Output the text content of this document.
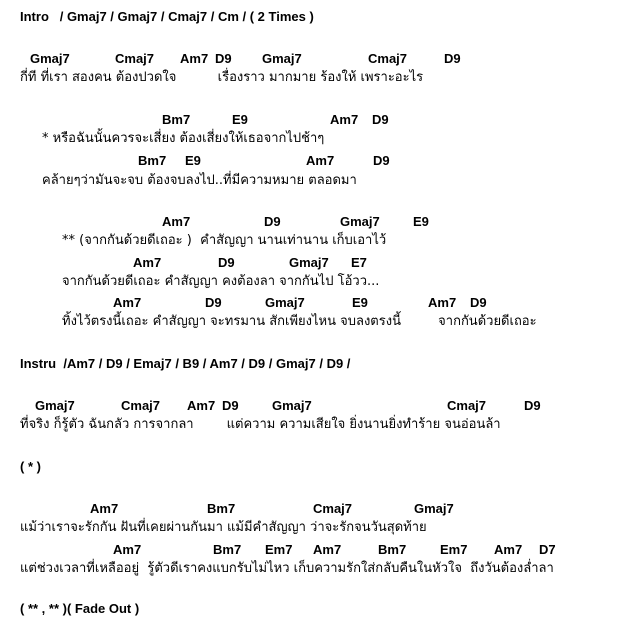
Intro   / Gmaj7 / Gmaj7 / Cmaj7 / Cm / ( 2 Times )
Gmaj7	Cmaj7 Am7 D9 Gmaj7	Cmaj7	D9
กี่ที ที่เรา สองคน ต้องปวดใจ          เรื่องราว มากมาย ร้องให้ เพราะอะไร
Bm7	E9	Am7 D9
* หรือฉันนั้นควรจะเสี่ยง ต้องเสี่ยงให้เธอจากไปช้าๆ
Bm7 E9	Am7	D9
คล้ายๆว่ามันจะจบ ต้องจบลงไป..ที่มีความหมาย ตลอดมา
Am7	D9	Gmaj7	E9
** (จากกันด้วยดีเถอะ )  คำสัญญา นานเท่านาน เก็บเอาไว้
Am7	D9	Gmaj7 E7
จากกันด้วยดีเถอะ คำสัญญา คงต้องลา จากกันไป โอ้วว...
Am7	D9	Gmaj7	E9	Am7 D9
ทิ้งไว้ตรงนี้เถอะ คำสัญญา จะทรมาน สักเพียงไหน จบลงตรงนี้         จากกันด้วยดีเถอะ
Instru  /Am7 / D9 / Emaj7 / B9 / Am7 / D9 / Gmaj7 / D9 /
Gmaj7	Cmaj7 Am7 D9	Gmaj7	Cmaj7	D9
ที่จริง ก็รู้ตัว ฉันกลัว การจากลา        แต่ความ ความเสียใจ ยิ่งนานยิ่งทำร้าย จนอ่อนล้า
( * )
Am7	Bm7	Cmaj7	Gmaj7
แม้ว่าเราจะรักกัน ฝันที่เคยผ่านกันมา แม้มีคำสัญญา ว่าจะรักจนวันสุดท้าย
Am7	Bm7 Em7 Am7	Bm7	Em7 Am7 D7
แต่ช่วงเวลาที่เหลืออยู่  รู้ตัวดีเราคงแบกรับไม่ไหว เก็บความรักใส่กลับคืนในหัวใจ  ถึงวันต้องล่ำลา
( ** , ** )( Fade Out )
